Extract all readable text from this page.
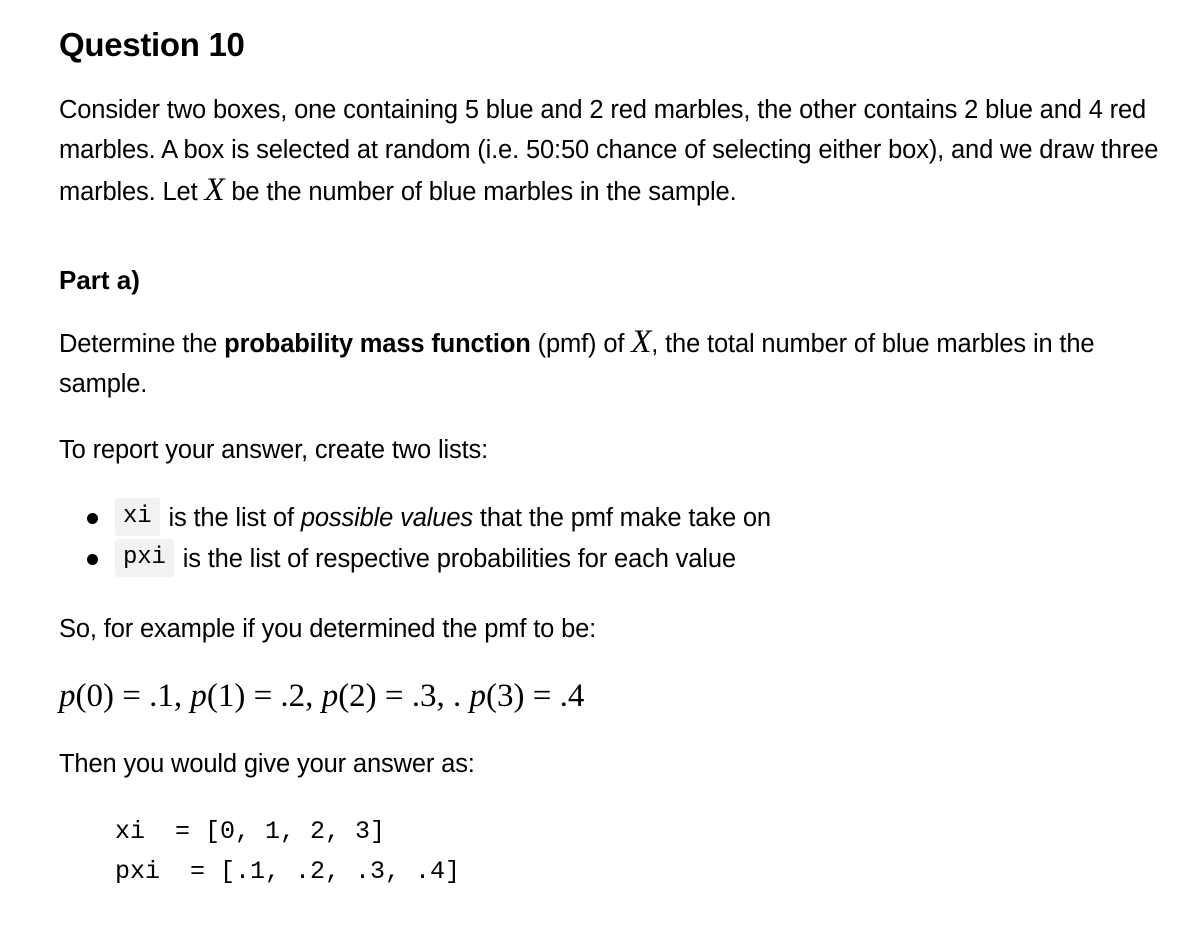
Question 10

Consider two boxes, one containing 5 blue and 2 red marbles, the other contains 2 blue and 4 red marbles. A box is selected at random (i.e. 50:50 chance of selecting either box), and we draw three marbles. Let X be the number of blue marbles in the sample.

Part a)

Determine the probability mass function (pmf) of X, the total number of blue marbles in the sample.

To report your answer, create two lists:

xi is the list of possible values that the pmf make take on
pxi is the list of respective probabilities for each value

So, for example if you determined the pmf to be:

p(0) = .1, p(1) = .2, p(2) = .3, . p(3) = .4

Then you would give your answer as:

xi  = [0, 1, 2, 3]
pxi  = [.1, .2, .3, .4]
